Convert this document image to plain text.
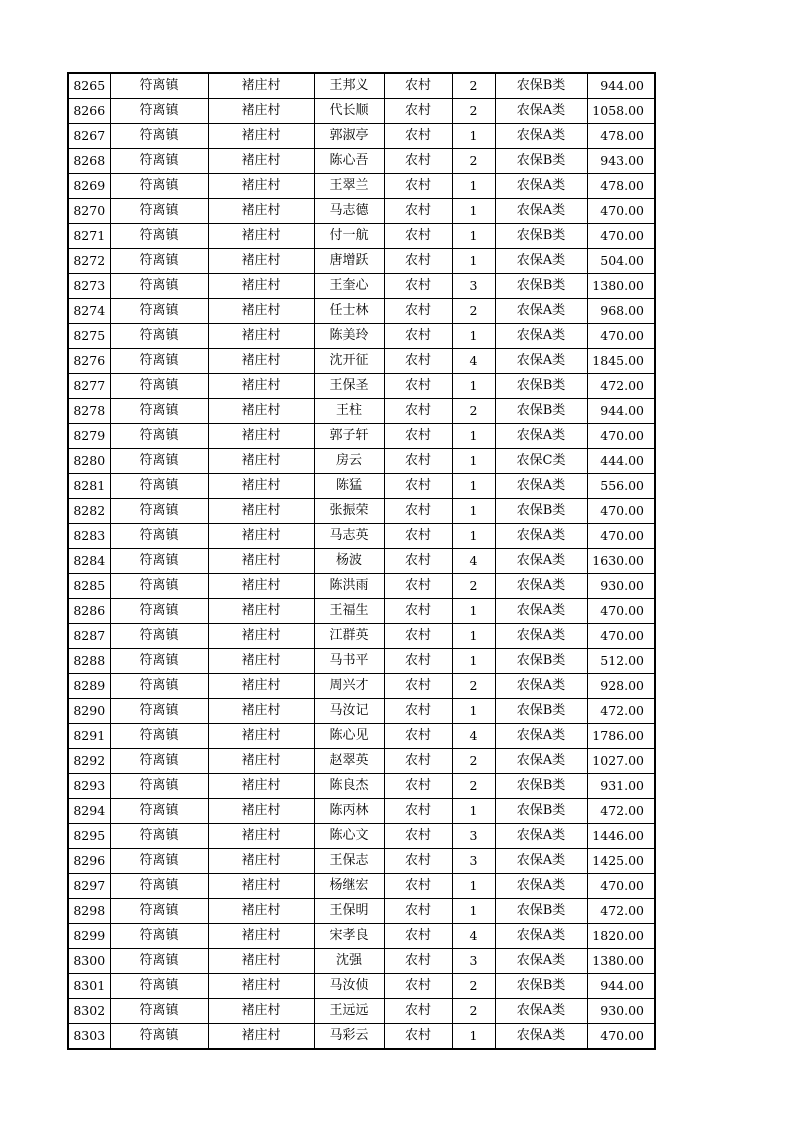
8265	符离镇	褚庄村	王邦义	农村	2	农保B类	944.00
8266	符离镇	褚庄村	代长顺	农村	2	农保A类	1058.00
8267	符离镇	褚庄村	郭淑亭	农村	1	农保A类	478.00
8268	符离镇	褚庄村	陈心吾	农村	2	农保B类	943.00
8269	符离镇	褚庄村	王翠兰	农村	1	农保A类	478.00
8270	符离镇	褚庄村	马志德	农村	1	农保A类	470.00
8271	符离镇	褚庄村	付一航	农村	1	农保B类	470.00
8272	符离镇	褚庄村	唐增跃	农村	1	农保A类	504.00
8273	符离镇	褚庄村	王奎心	农村	3	农保B类	1380.00
8274	符离镇	褚庄村	任士林	农村	2	农保A类	968.00
8275	符离镇	褚庄村	陈美玲	农村	1	农保A类	470.00
8276	符离镇	褚庄村	沈开征	农村	4	农保A类	1845.00
8277	符离镇	褚庄村	王保圣	农村	1	农保B类	472.00
8278	符离镇	褚庄村	王柱	农村	2	农保B类	944.00
8279	符离镇	褚庄村	郭子轩	农村	1	农保A类	470.00
8280	符离镇	褚庄村	房云	农村	1	农保C类	444.00
8281	符离镇	褚庄村	陈猛	农村	1	农保A类	556.00
8282	符离镇	褚庄村	张振荣	农村	1	农保B类	470.00
8283	符离镇	褚庄村	马志英	农村	1	农保A类	470.00
8284	符离镇	褚庄村	杨波	农村	4	农保A类	1630.00
8285	符离镇	褚庄村	陈洪雨	农村	2	农保A类	930.00
8286	符离镇	褚庄村	王福生	农村	1	农保A类	470.00
8287	符离镇	褚庄村	江群英	农村	1	农保A类	470.00
8288	符离镇	褚庄村	马书平	农村	1	农保B类	512.00
8289	符离镇	褚庄村	周兴才	农村	2	农保A类	928.00
8290	符离镇	褚庄村	马汝记	农村	1	农保B类	472.00
8291	符离镇	褚庄村	陈心见	农村	4	农保A类	1786.00
8292	符离镇	褚庄村	赵翠英	农村	2	农保A类	1027.00
8293	符离镇	褚庄村	陈良杰	农村	2	农保B类	931.00
8294	符离镇	褚庄村	陈丙林	农村	1	农保B类	472.00
8295	符离镇	褚庄村	陈心文	农村	3	农保A类	1446.00
8296	符离镇	褚庄村	王保志	农村	3	农保A类	1425.00
8297	符离镇	褚庄村	杨继宏	农村	1	农保A类	470.00
8298	符离镇	褚庄村	王保明	农村	1	农保B类	472.00
8299	符离镇	褚庄村	宋孝良	农村	4	农保A类	1820.00
8300	符离镇	褚庄村	沈强	农村	3	农保A类	1380.00
8301	符离镇	褚庄村	马汝侦	农村	2	农保B类	944.00
8302	符离镇	褚庄村	王远远	农村	2	农保A类	930.00
8303	符离镇	褚庄村	马彩云	农村	1	农保A类	470.00
